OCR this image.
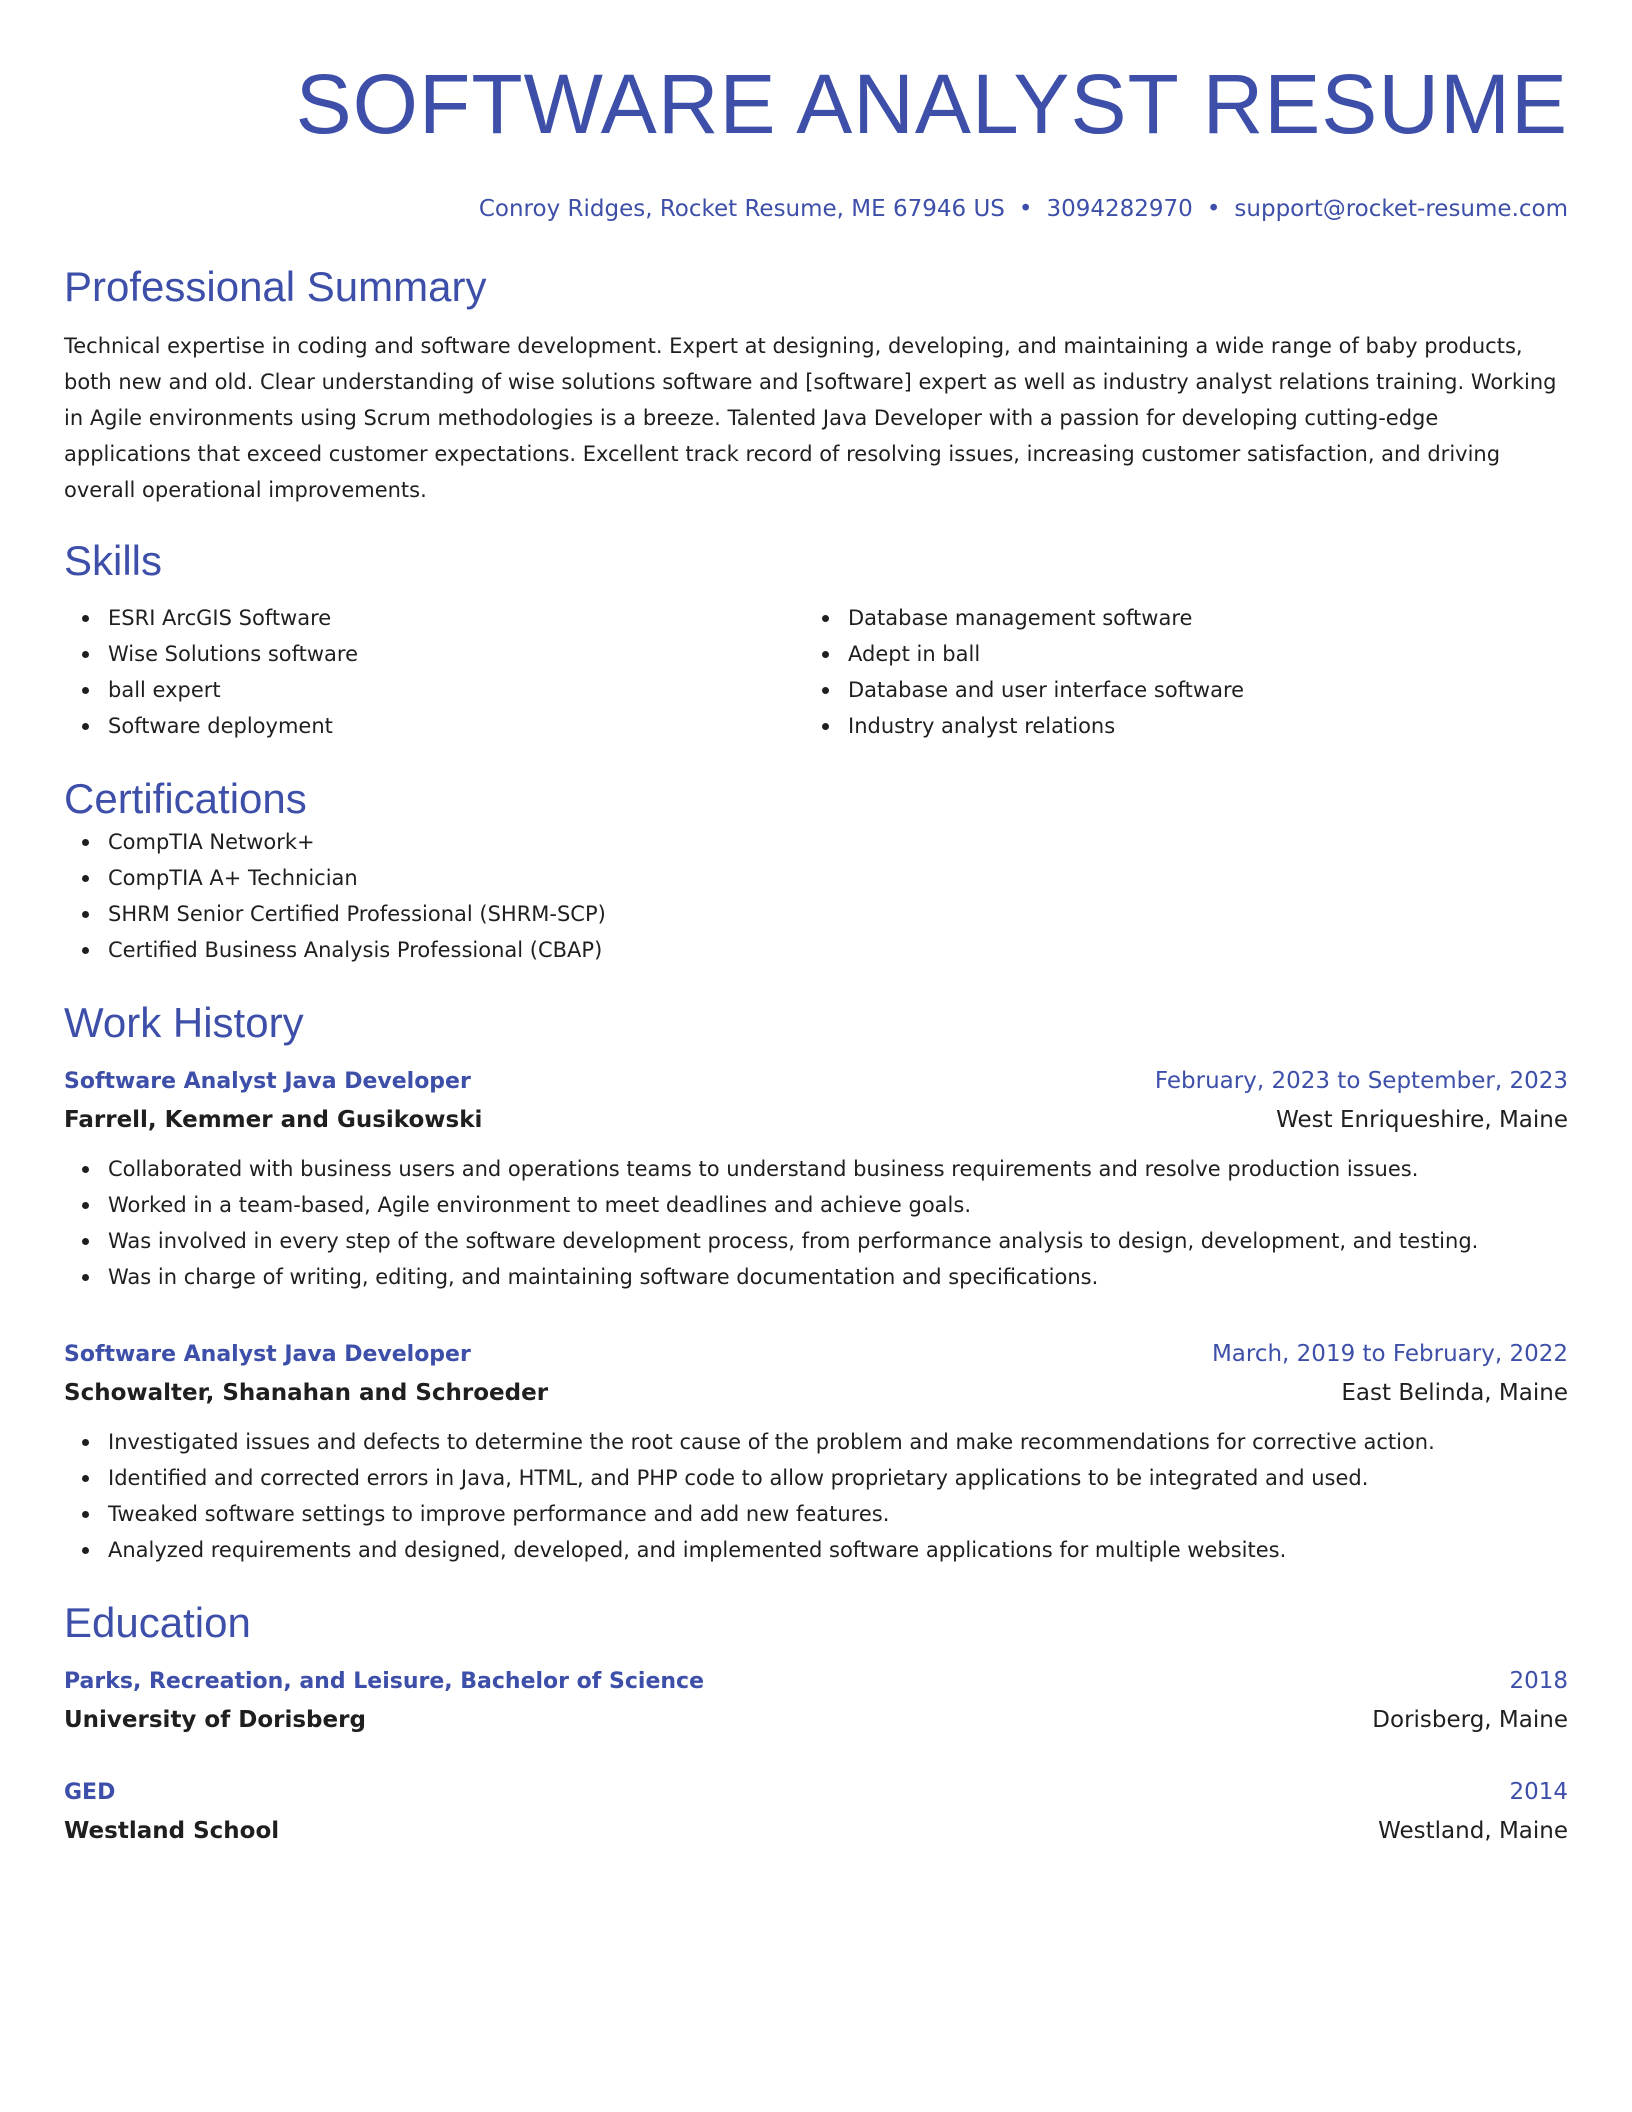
SOFTWARE ANALYST RESUME
Conroy Ridges, Rocket Resume, ME 67946 US • 3094282970 • support@rocket-resume.com
Professional Summary
Technical expertise in coding and software development. Expert at designing, developing, and maintaining a wide range of baby products, both new and old. Clear understanding of wise solutions software and [software] expert as well as industry analyst relations training. Working in Agile environments using Scrum methodologies is a breeze. Talented Java Developer with a passion for developing cutting-edge applications that exceed customer expectations. Excellent track record of resolving issues, increasing customer satisfaction, and driving overall operational improvements.
Skills
ESRI ArcGIS Software
Wise Solutions software
ball expert
Software deployment
Database management software
Adept in ball
Database and user interface software
Industry analyst relations
Certifications
CompTIA Network+
CompTIA A+ Technician
SHRM Senior Certified Professional (SHRM-SCP)
Certified Business Analysis Professional (CBAP)
Work History
Software Analyst Java Developer	February, 2023 to September, 2023
Farrell, Kemmer and Gusikowski	West Enriqueshire, Maine
Collaborated with business users and operations teams to understand business requirements and resolve production issues.
Worked in a team-based, Agile environment to meet deadlines and achieve goals.
Was involved in every step of the software development process, from performance analysis to design, development, and testing.
Was in charge of writing, editing, and maintaining software documentation and specifications.
Software Analyst Java Developer	March, 2019 to February, 2022
Schowalter, Shanahan and Schroeder	East Belinda, Maine
Investigated issues and defects to determine the root cause of the problem and make recommendations for corrective action.
Identified and corrected errors in Java, HTML, and PHP code to allow proprietary applications to be integrated and used.
Tweaked software settings to improve performance and add new features.
Analyzed requirements and designed, developed, and implemented software applications for multiple websites.
Education
Parks, Recreation, and Leisure, Bachelor of Science	2018
University of Dorisberg	Dorisberg, Maine
GED	2014
Westland School	Westland, Maine
